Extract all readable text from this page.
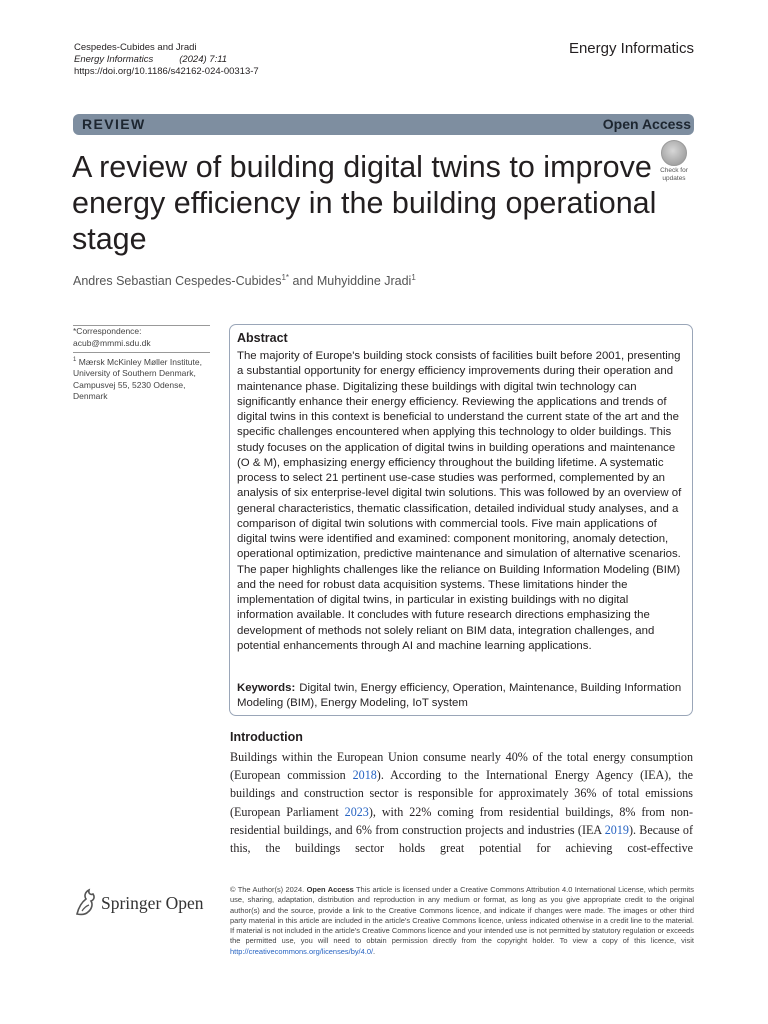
Cespedes-Cubides and Jradi
Energy Informatics	(2024) 7:11
https://doi.org/10.1186/s42162-024-00313-7
Energy Informatics
REVIEW	Open Access
A review of building digital twins to improve energy efficiency in the building operational stage
Check for
updates
Andres Sebastian Cespedes-Cubides$^{1*}$ and Muhyiddine Jradi$^1$
*Correspondence:
acub@mmmi.sdu.dk
$^1$ Mærsk McKinley Møller Institute, University of Southern Denmark, Campusvej 55, 5230 Odense, Denmark
Abstract

The majority of Europe's building stock consists of facilities built before 2001, presenting a substantial opportunity for energy efficiency improvements during their operation and maintenance phase. Digitalizing these buildings with digital twin technology can significantly enhance their energy efficiency. Reviewing the applications and trends of digital twins in this context is beneficial to understand the current state of the art and the specific challenges encountered when applying this technology to older buildings. This study focuses on the application of digital twins in building operations and maintenance (O & M), emphasizing energy efficiency throughout the building lifetime. A systematic process to select 21 pertinent use-case studies was performed, complemented by an analysis of six enterprise-level digital twin solutions. This was followed by an overview of general characteristics, thematic classification, detailed individual study analyses, and a comparison of digital twin solutions with commercial tools. Five main applications of digital twins were identified and examined: component monitoring, anomaly detection, operational optimization, predictive maintenance and simulation of alternative scenarios. The paper highlights challenges like the reliance on Building Information Modeling (BIM) and the need for robust data acquisition systems. These limitations hinder the implementation of digital twins, in particular in existing buildings with no digital information available. It concludes with future research directions emphasizing the development of methods not solely reliant on BIM data, integration challenges, and potential enhancements through AI and machine learning applications.

Keywords: Digital twin, Energy efficiency, Operation, Maintenance, Building Information Modeling (BIM), Energy Modeling, IoT system
Introduction

Buildings within the European Union consume nearly 40% of the total energy consumption (European commission 2018). According to the International Energy Agency (IEA), the buildings and construction sector is responsible for approximately 36% of total emissions (European Parliament 2023), with 22% coming from residential buildings, 8% from non-residential buildings, and 6% from construction projects and industries (IEA 2019). Because of this, the buildings sector holds great potential for achieving cost-effective

Springer Open

© The Author(s) 2024. Open Access This article is licensed under a Creative Commons Attribution 4.0 International License, which permits use, sharing, adaptation, distribution and reproduction in any medium or format, as long as you give appropriate credit to the original author(s) and the source, provide a link to the Creative Commons licence, and indicate if changes were made. The images or other third party material in this article are included in the article's Creative Commons licence, unless indicated otherwise in a credit line to the material. If material is not included in the article's Creative Commons licence and your intended use is not permitted by statutory regulation or exceeds the permitted use, you will need to obtain permission directly from the copyright holder. To view a copy of this licence, visit http://creativecommons.org/licenses/by/4.0/.
